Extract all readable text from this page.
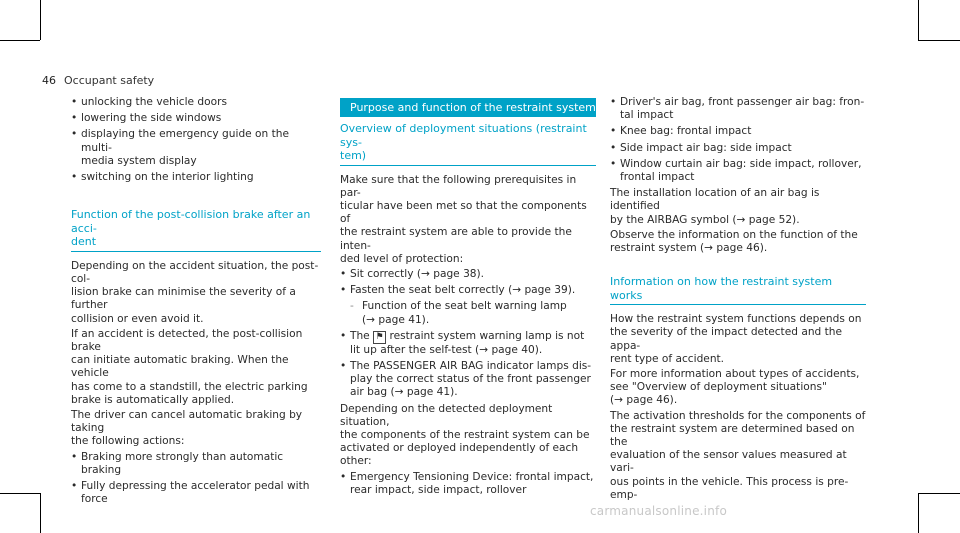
46 Occupant safety
• unlocking the vehicle doors
• lowering the side windows
• displaying the emergency guide on the multi-
media system display
• switching on the interior lighting
Function of the post-collision brake after an acci-
dent
Depending on the accident situation, the post-col-
lision brake can minimise the severity of a further
collision or even avoid it.
If an accident is detected, the post-collision brake
can initiate automatic braking. When the vehicle
has come to a standstill, the electric parking
brake is automatically applied.
The driver can cancel automatic braking by taking
the following actions:
• Braking more strongly than automatic braking
• Fully depressing the accelerator pedal with
force
Purpose and function of the restraint system
Overview of deployment situations (restraint sys-
tem)
Make sure that the following prerequisites in par-
ticular have been met so that the components of
the restraint system are able to provide the inten-
ded level of protection:
• Sit correctly (→ page 38).
• Fasten the seat belt correctly (→ page 39).
- Function of the seat belt warning lamp
(→ page 41).
• The ⚑ restraint system warning lamp is not
lit up after the self-test (→ page 40).
• The PASSENGER AIR BAG indicator lamps dis-
play the correct status of the front passenger
air bag (→ page 41).
Depending on the detected deployment situation,
the components of the restraint system can be
activated or deployed independently of each
other:
• Emergency Tensioning Device: frontal impact,
rear impact, side impact, rollover
• Driver's air bag, front passenger air bag: fron-
tal impact
• Knee bag: frontal impact
• Side impact air bag: side impact
• Window curtain air bag: side impact, rollover,
frontal impact
The installation location of an air bag is identified
by the AIRBAG symbol (→ page 52).
Observe the information on the function of the
restraint system (→ page 46).
Information on how the restraint system works
How the restraint system functions depends on
the severity of the impact detected and the appa-
rent type of accident.
For more information about types of accidents,
see "Overview of deployment situations"
(→ page 46).
The activation thresholds for the components of
the restraint system are determined based on the
evaluation of the sensor values measured at vari-
ous points in the vehicle. This process is pre-emp-
carmanualsonline.info
